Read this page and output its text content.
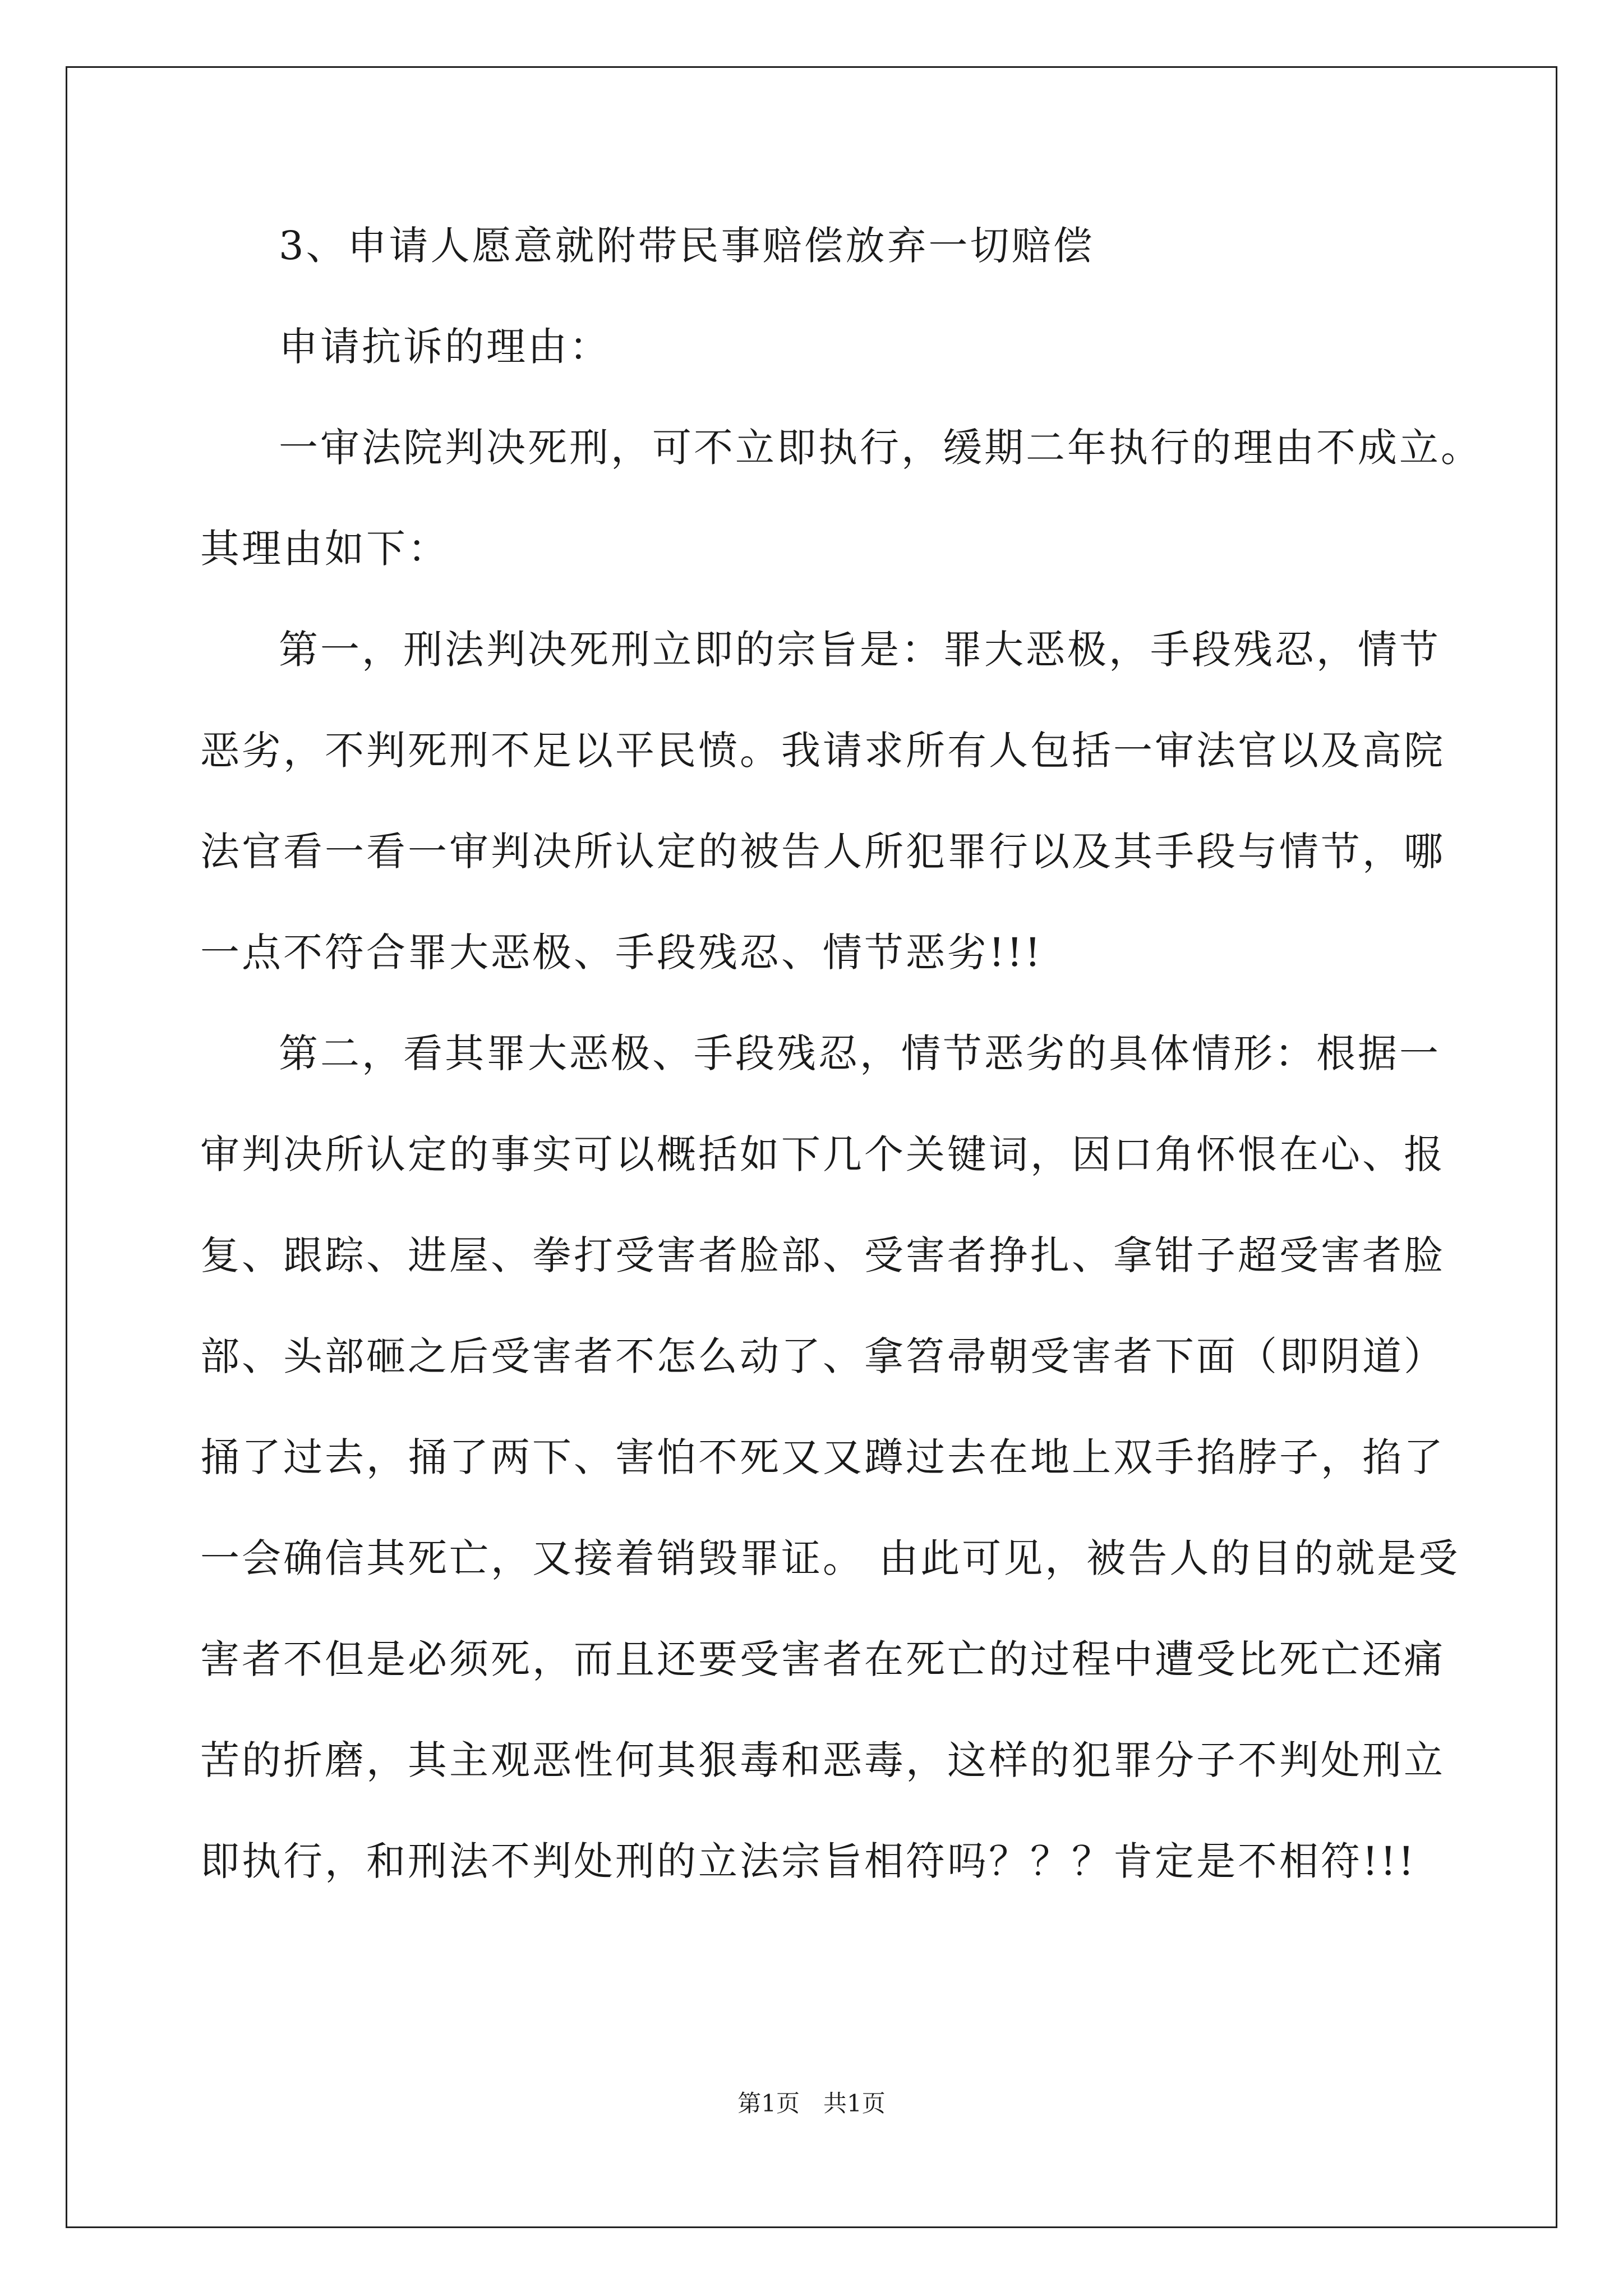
3、申请人愿意就附带民事赔偿放弃一切赔偿
申请抗诉的理由：
一审法院判决死刑，可不立即执行，缓期二年执行的理由不成立。
其理由如下：
第一，刑法判决死刑立即的宗旨是：罪大恶极，手段残忍，情节
恶劣，不判死刑不足以平民愤。我请求所有人包括一审法官以及高院
法官看一看一审判决所认定的被告人所犯罪行以及其手段与情节，哪
一点不符合罪大恶极、手段残忍、情节恶劣!!!
第二，看其罪大恶极、手段残忍，情节恶劣的具体情形：根据一
审判决所认定的事实可以概括如下几个关键词，因口角怀恨在心、报
复、跟踪、进屋、拳打受害者脸部、受害者挣扎、拿钳子超受害者脸
部、头部砸之后受害者不怎么动了、拿笤帚朝受害者下面（即阴道）
捅了过去，捅了两下、害怕不死又又蹲过去在地上双手掐脖子，掐了
一会确信其死亡，又接着销毁罪证。 由此可见，被告人的目的就是受
害者不但是必须死，而且还要受害者在死亡的过程中遭受比死亡还痛
苦的折磨，其主观恶性何其狠毒和恶毒，这样的犯罪分子不判处刑立
即执行，和刑法不判处刑的立法宗旨相符吗？？？肯定是不相符!!!
第1页　共1页
